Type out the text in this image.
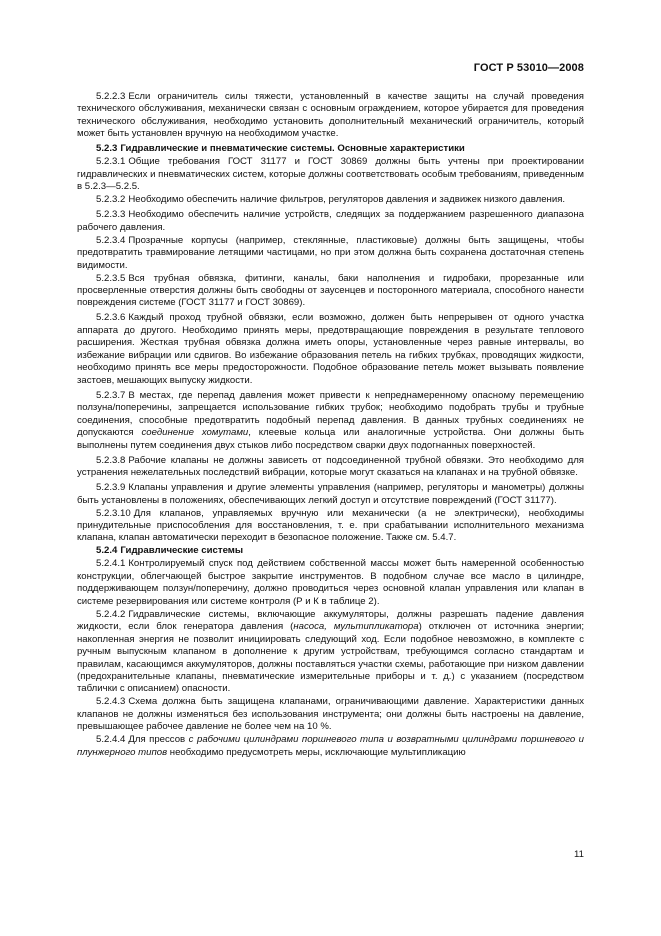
ГОСТ Р 53010—2008

5.2.2.3 Если ограничитель силы тяжести, установленный в качестве защиты на случай проведения технического обслуживания, механически связан с основным ограждением, которое убирается для проведения технического обслуживания, необходимо установить дополнительный механический ограничитель, который может быть установлен вручную на необходимом участке.

5.2.3 Гидравлические и пневматические системы. Основные характеристики

5.2.3.1 Общие требования ГОСТ 31177 и ГОСТ 30869 должны быть учтены при проектировании гидравлических и пневматических систем, которые должны соответствовать особым требованиям, приведенным в 5.2.3—5.2.5.

5.2.3.2 Необходимо обеспечить наличие фильтров, регуляторов давления и задвижек низкого давления.

5.2.3.3 Необходимо обеспечить наличие устройств, следящих за поддержанием разрешенного диапазона рабочего давления.

5.2.3.4 Прозрачные корпусы (например, стеклянные, пластиковые) должны быть защищены, чтобы предотвратить травмирование летящими частицами, но при этом должна быть сохранена достаточная степень видимости.

5.2.3.5 Вся трубная обвязка, фитинги, каналы, баки наполнения и гидробаки, прорезанные или просверленные отверстия должны быть свободны от заусенцев и посторонного материала, способного нанести повреждения системе (ГОСТ 31177 и ГОСТ 30869).

5.2.3.6 Каждый проход трубной обвязки, если возможно, должен быть непрерывен от одного участка аппарата до другого. Необходимо принять меры, предотвращающие повреждения в результате теплового расширения. Жесткая трубная обвязка должна иметь опоры, установленные через равные интервалы, во избежание вибрации или сдвигов. Во избежание образования петель на гибких трубках, проводящих жидкости, необходимо принять все меры предосторожности. Подобное образование петель может вызывать появление застоев, мешающих выпуску жидкости.

5.2.3.7 В местах, где перепад давления может привести к непреднамеренному опасному перемещению ползуна/поперечины, запрещается использование гибких трубок; необходимо подобрать трубы и трубные соединения, способные предотвратить подобный перепад давления. В данных трубных соединениях не допускаются соединение хомутами, клеевые кольца или аналогичные устройства. Они должны быть выполнены путем соединения двух стыков либо посредством сварки двух подогнанных поверхностей.

5.2.3.8 Рабочие клапаны не должны зависеть от подсоединенной трубной обвязки. Это необходимо для устранения нежелательных последствий вибрации, которые могут сказаться на клапанах и на трубной обвязке.

5.2.3.9 Клапаны управления и другие элементы управления (например, регуляторы и манометры) должны быть установлены в положениях, обеспечивающих легкий доступ и отсутствие повреждений (ГОСТ 31177).

5.2.3.10 Для клапанов, управляемых вручную или механически (а не электрически), необходимы принудительные приспособления для восстановления, т. е. при срабатывании исполнительного механизма клапана, клапан автоматически переходит в безопасное положение. Также см. 5.4.7.

5.2.4 Гидравлические системы

5.2.4.1 Контролируемый спуск под действием собственной массы может быть намеренной особенностью конструкции, облегчающей быстрое закрытие инструментов. В подобном случае все масло в цилиндре, поддерживающем ползун/поперечину, должно проводиться через основной клапан управления или клапан в системе резервирования или системе контроля (Р и К в таблице 2).

5.2.4.2 Гидравлические системы, включающие аккумуляторы, должны разрешать падение давления жидкости, если блок генератора давления (насоса, мультипликатора) отключен от источника энергии; накопленная энергия не позволит инициировать следующий ход. Если подобное невозможно, в комплекте с ручным выпускным клапаном в дополнение к другим устройствам, требующимся согласно стандартам и правилам, касающимся аккумуляторов, должны поставляться участки схемы, работающие при низком давлении (предохранительные клапаны, пневматические измерительные приборы и т. д.) с указанием (посредством таблички с описанием) опасности.

5.2.4.3 Схема должна быть защищена клапанами, ограничивающими давление. Характеристики данных клапанов не должны изменяться без использования инструмента; они должны быть настроены на давление, превышающее рабочее давление не более чем на 10 %.

5.2.4.4 Для прессов с рабочими цилиндрами поршневого типа и возвратными цилиндрами поршневого и плунжерного типов необходимо предусмотреть меры, исключающие мультипликацию

11
